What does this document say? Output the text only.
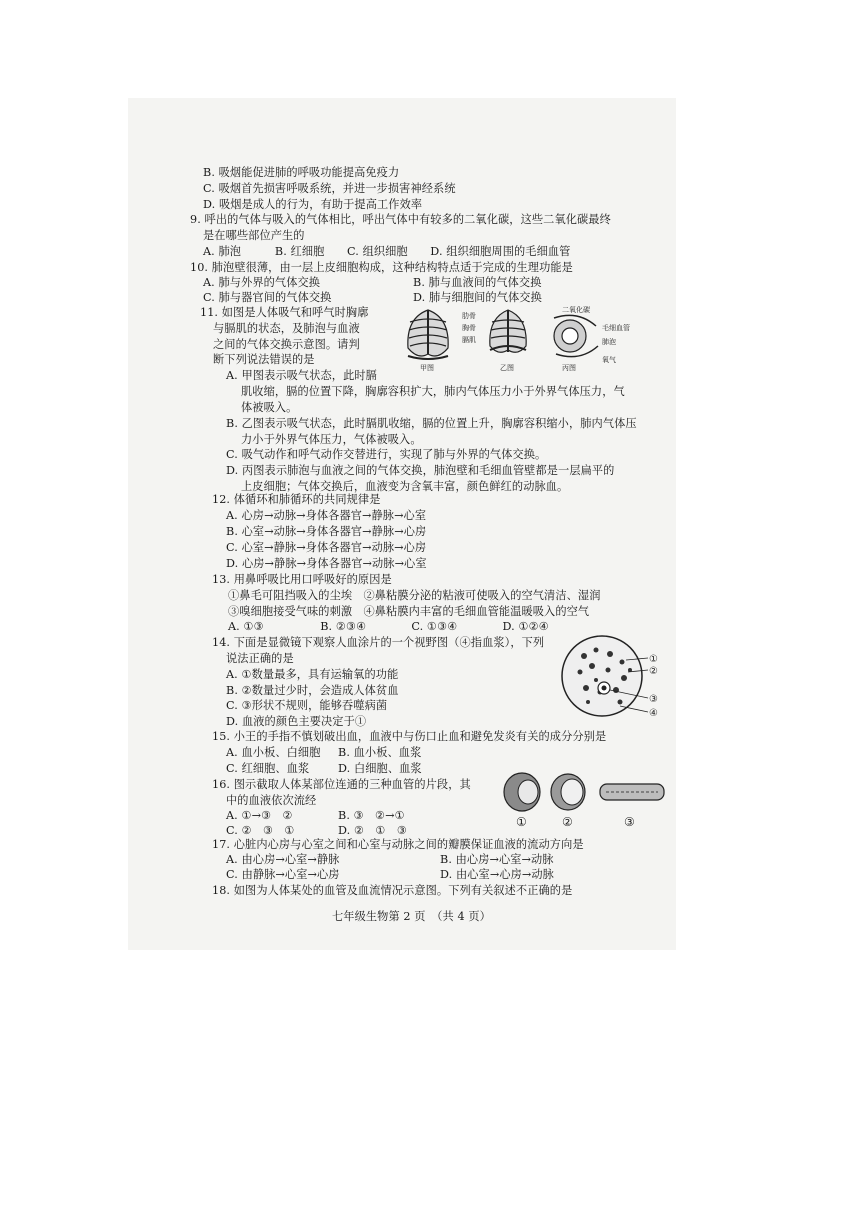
B. 吸烟能促进肺的呼吸功能提高免疫力
C. 吸烟首先损害呼吸系统，并进一步损害神经系统
D. 吸烟是成人的行为，有助于提高工作效率
9. 呼出的气体与吸入的气体相比，呼出气体中有较多的二氧化碳，这些二氧化碳最终
是在哪些部位产生的
A. 肺泡　　　B. 红细胞　　C. 组织细胞　　D. 组织细胞周围的毛细血管
10. 肺泡壁很薄，由一层上皮细胞构成，这种结构特点适于完成的生理功能是
A. 肺与外界的气体交换	B. 肺与血液间的气体交换
C. 肺与器官间的气体交换	D. 肺与细胞间的气体交换
11. 如图是人体吸气和呼气时胸廓
与膈肌的状态，及肺泡与血液
之间的气体交换示意图。请判
断下列说法错误的是
A. 甲图表示吸气状态，此时膈
肌收缩，膈的位置下降，胸廓容积扩大，肺内气体压力小于外界气体压力，气
体被吸入。
B. 乙图表示吸气状态，此时膈肌收缩，膈的位置上升，胸廓容积缩小，肺内气体压
力小于外界气体压力，气体被吸入。
C. 吸气动作和呼气动作交替进行，实现了肺与外界的气体交换。
D. 丙图表示肺泡与血液之间的气体交换，肺泡壁和毛细血管壁都是一层扁平的
上皮细胞；气体交换后，血液变为含氧丰富，颜色鲜红的动脉血。
肋骨
胸骨
膈肌
二氧化碳
毛细血管
肺泡
氧气
甲图	乙图	丙图
12. 体循环和肺循环的共同规律是
A. 心房→动脉→身体各器官→静脉→心室
B. 心室→动脉→身体各器官→静脉→心房
C. 心室→静脉→身体各器官→动脉→心房
D. 心房→静脉→身体各器官→动脉→心室
13. 用鼻呼吸比用口呼吸好的原因是
①鼻毛可阻挡吸入的尘埃　②鼻粘膜分泌的粘液可使吸入的空气清洁、湿润
③嗅细胞接受气味的刺激　④鼻粘膜内丰富的毛细血管能温暖吸入的空气
A. ①③　　　　　B. ②③④　　　　C. ①③④　　　　D. ①②④
14. 下面是显微镜下观察人血涂片的一个视野图（④指血浆），下列
说法正确的是
A. ①数量最多，具有运输氧的功能
B. ②数量过少时，会造成人体贫血
C. ③形状不规则，能够吞噬病菌
D. 血液的颜色主要决定于①
①
②
③
④
15. 小王的手指不慎划破出血，血液中与伤口止血和避免发炎有关的成分分别是
A. 血小板、白细胞 B. 血小板、血浆
C. 红细胞、血浆	D. 白细胞、血浆
16. 图示截取人体某部位连通的三种血管的片段，其
中的血液依次流经
A. ①→③　②	B. ③　②→①
C. ②　③　①	D. ②　①　③
①	②	③
17. 心脏内心房与心室之间和心室与动脉之间的瓣膜保证血液的流动方向是
A. 由心房→心室→静脉	B. 由心房→心室→动脉
C. 由静脉→心室→心房	D. 由心室→心房→动脉
18. 如图为人体某处的血管及血流情况示意图。下列有关叙述不正确的是
七年级生物第 2 页　（共 4 页）
